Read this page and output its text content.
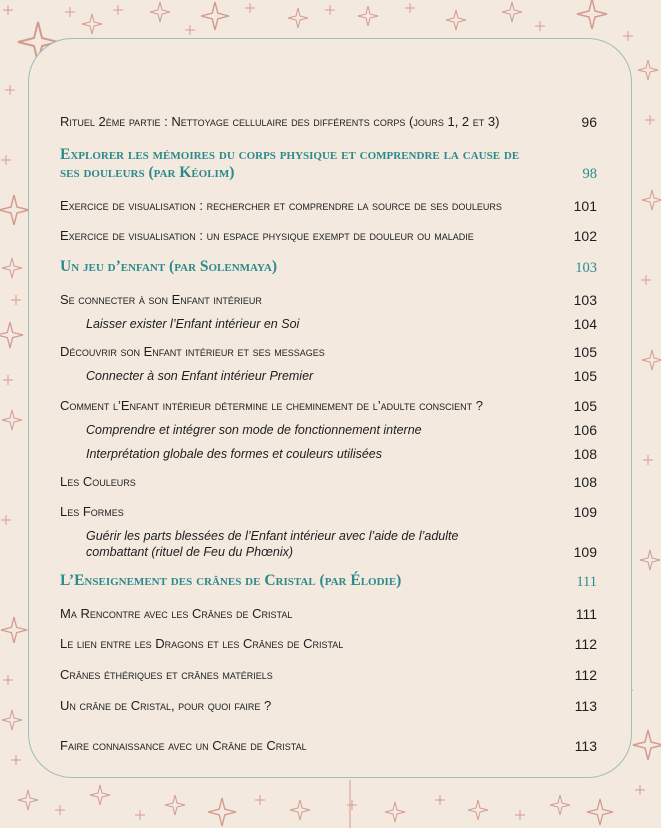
Rituel 2ème partie : Nettoyage cellulaire des différents corps (jours 1, 2 et 3)	96
Explorer les mémoires du corps physique et comprendre la cause de ses douleurs (par Kéolim)	98
Exercice de visualisation : rechercher et comprendre la source de ses douleurs	101
Exercice de visualisation : un espace physique exempt de douleur ou maladie	102
Un jeu d’enfant (par Solenmaya)	103
Se connecter à son Enfant intérieur	103
Laisser exister l’Enfant intérieur en Soi	104
Découvrir son Enfant intérieur et ses messages	105
Connecter à son Enfant intérieur Premier	105
Comment l’Enfant intérieur détermine le cheminement de l’adulte conscient ?	105
Comprendre et intégrer son mode de fonctionnement interne	106
Interprétation globale des formes et couleurs utilisées	108
Les Couleurs	108
Les Formes	109
Guérir les parts blessées de l’Enfant intérieur avec l’aide de l’adulte combattant (rituel de Feu du Phœnix)	109
L’Enseignement des crânes de Cristal (par Élodie)	111
Ma Rencontre avec les Crânes de Cristal	111
Le lien entre les Dragons et les Crânes de Cristal	112
Crânes éthériques et crânes matériels	112
Un crâne de Cristal, pour quoi faire ?	113
Faire connaissance avec un Crâne de Cristal	113
